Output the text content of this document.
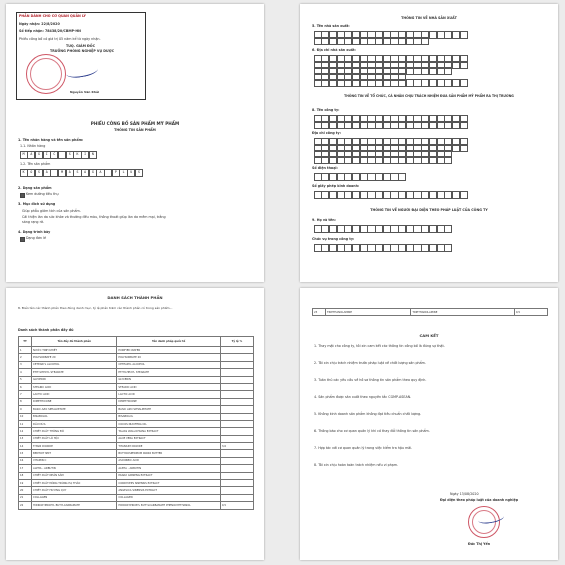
PHẦN DÀNH CHO CƠ QUAN QUẢN LÝ
Ngày nhận: 22/8/2020
Số tiếp nhận: 78438/20/CBMP-HN
Phiếu công bố có giá trị 05 năm kể từ ngày nhận.
TUQ. GIÁM ĐỐC
TRƯỞNG PHÒNG NGHIỆP VỤ DƯỢC
Nguyễn Văn Khải
PHIẾU CÔNG BỐ SẢN PHẨM MỸ PHẨM
THÔNG TIN SẢN PHẨM
1. Tên nhãn hàng và tên sản phẩm:
1.1. Nhãn hàng
M	A	G	I	C	S	K	I	N
1.2. Tên sản phẩm
K	O	S	A	M	A	S	A	G	A	P	L	U	S
2. Dạng sản phẩm
Kem dưỡng tiêu thụ
3. Mục đích sử dụng
Giúp phẫu giảm tích của sản phẩm.
Cải thiện làn da sức khỏe và thường đều màu, thông thoát giúp làn da mềm mại, trắng
sáng rạng rỡ.
4. Dạng trình bày
Dạng đơn lẻ
THÔNG TIN VỀ NHÀ SẢN XUẤT
5. Tên nhà sản xuất:
6. Địa chỉ nhà sản xuất:
THÔNG TIN VỀ TỔ CHỨC, CÁ NHÂN CHỊU TRÁCH NHIỆM ĐƯA SẢN PHẨM MỸ PHẨM RA THỊ TRƯỜNG
8. Tên công ty:
Địa chỉ công ty:
Số điện thoại:
Số giấy phép kinh doanh:
THÔNG TIN VỀ NGƯỜI ĐẠI DIỆN THEO PHÁP LUẬT CỦA CÔNG TY
9. Họ và tên:
Chức vụ trong công ty:
DANH SÁCH THÀNH PHẦN
8. Điền tên các thành phần theo đúng danh mục, tỷ lệ phần trăm các thành phần có trong sản phẩm...
Danh sách thành phần đầy đủ
TT	Tên đầy đủ thành phần	Tên danh pháp quốc tế	Tỷ lệ %
1	NƯỚC TINH KHIẾT	PURIFIED WATER	
2	POLYSORBATE 20	POLYSORBATE 20	
3	CETEARYL ALCOHOL	CETEARYL ALCOHOL	
4	ETHYLHEXYL STEARATE	ETHYLHEXYL STEARATE	
5	GLYCERIN	GLYCERIN	
6	STEARIC ACID	STEARIC ACID	
7	LACTIC ACID	LACTIC ACID	
8	DIMETHICONE	DIMETHICONE	
9	BASIC AZO SPHALMITATE	BASIC AZO SPHALMITATE	
10	BISABOLOL	BISABOLOL	
11	DẦU DỪA	COCOS NUCIFERA OIL	
12	CHIẾT XUẤT THÔNG ĐỎ	TALIAS WALLICHIANA EXTRACT	
13	CHIẾT XUẤT LÔ HỘI	ALOE VERA EXTRACT	
14	TITANI DIOXIDE	TITANIUM DIOXIDE	3,6
15	BENTOIT NMT	BUTYROSPERMUM PARKII BUTTER	
16	VITAMIN C	ASCORBIC ACID	
17	ALPHA - ARBUTIN	ALPHA - ARBUTIN	
18	CHIẾT XUẤT NHÂN SÂM	PANAX GINSENG EXTRACT	
19	CHIẾT XUẤT ĐÔNG TRÙNG HẠ THẢO	CORDYCEPS SINENSIS EXTRACT	
20	CHIẾT XUẤT HƯƠNG QUY	ANGELICA SINENSIS EXTRACT	
21	COLLAGEN	COLLAGEN	
22	HIDROXYPROPYL BUTYLCARBAMATE	HIDROXYPROPYL BUTYLCARBAMATE PHENOXYETHANOL	0,5
23	TRIETHANOLAMINE	TRIETHANOLAMINE	0,5
CAM KẾT
1. Thay mặt cho công ty, tôi xin cam kết các thông tin công bố là đúng sự thật.
2. Tôi xin chịu trách nhiệm trước pháp luật về chất lượng sản phẩm.
3. Tuân thủ các yêu cầu về hồ sơ thông tin sản phẩm theo quy định.
4. Sản phẩm được sản xuất theo nguyên tắc CGMP-ASEAN.
5. Không kinh doanh sản phẩm không đạt tiêu chuẩn chất lượng.
6. Thông báo cho cơ quan quản lý khi có thay đổi thông tin sản phẩm.
7. Hợp tác với cơ quan quản lý trong việc kiểm tra hậu mãi.
8. Tôi xin chịu hoàn toàn trách nhiệm nếu vi phạm.
Ngày 13/08/2020
Đại diện theo pháp luật của doanh nghiệp
Đức Thị Yến
